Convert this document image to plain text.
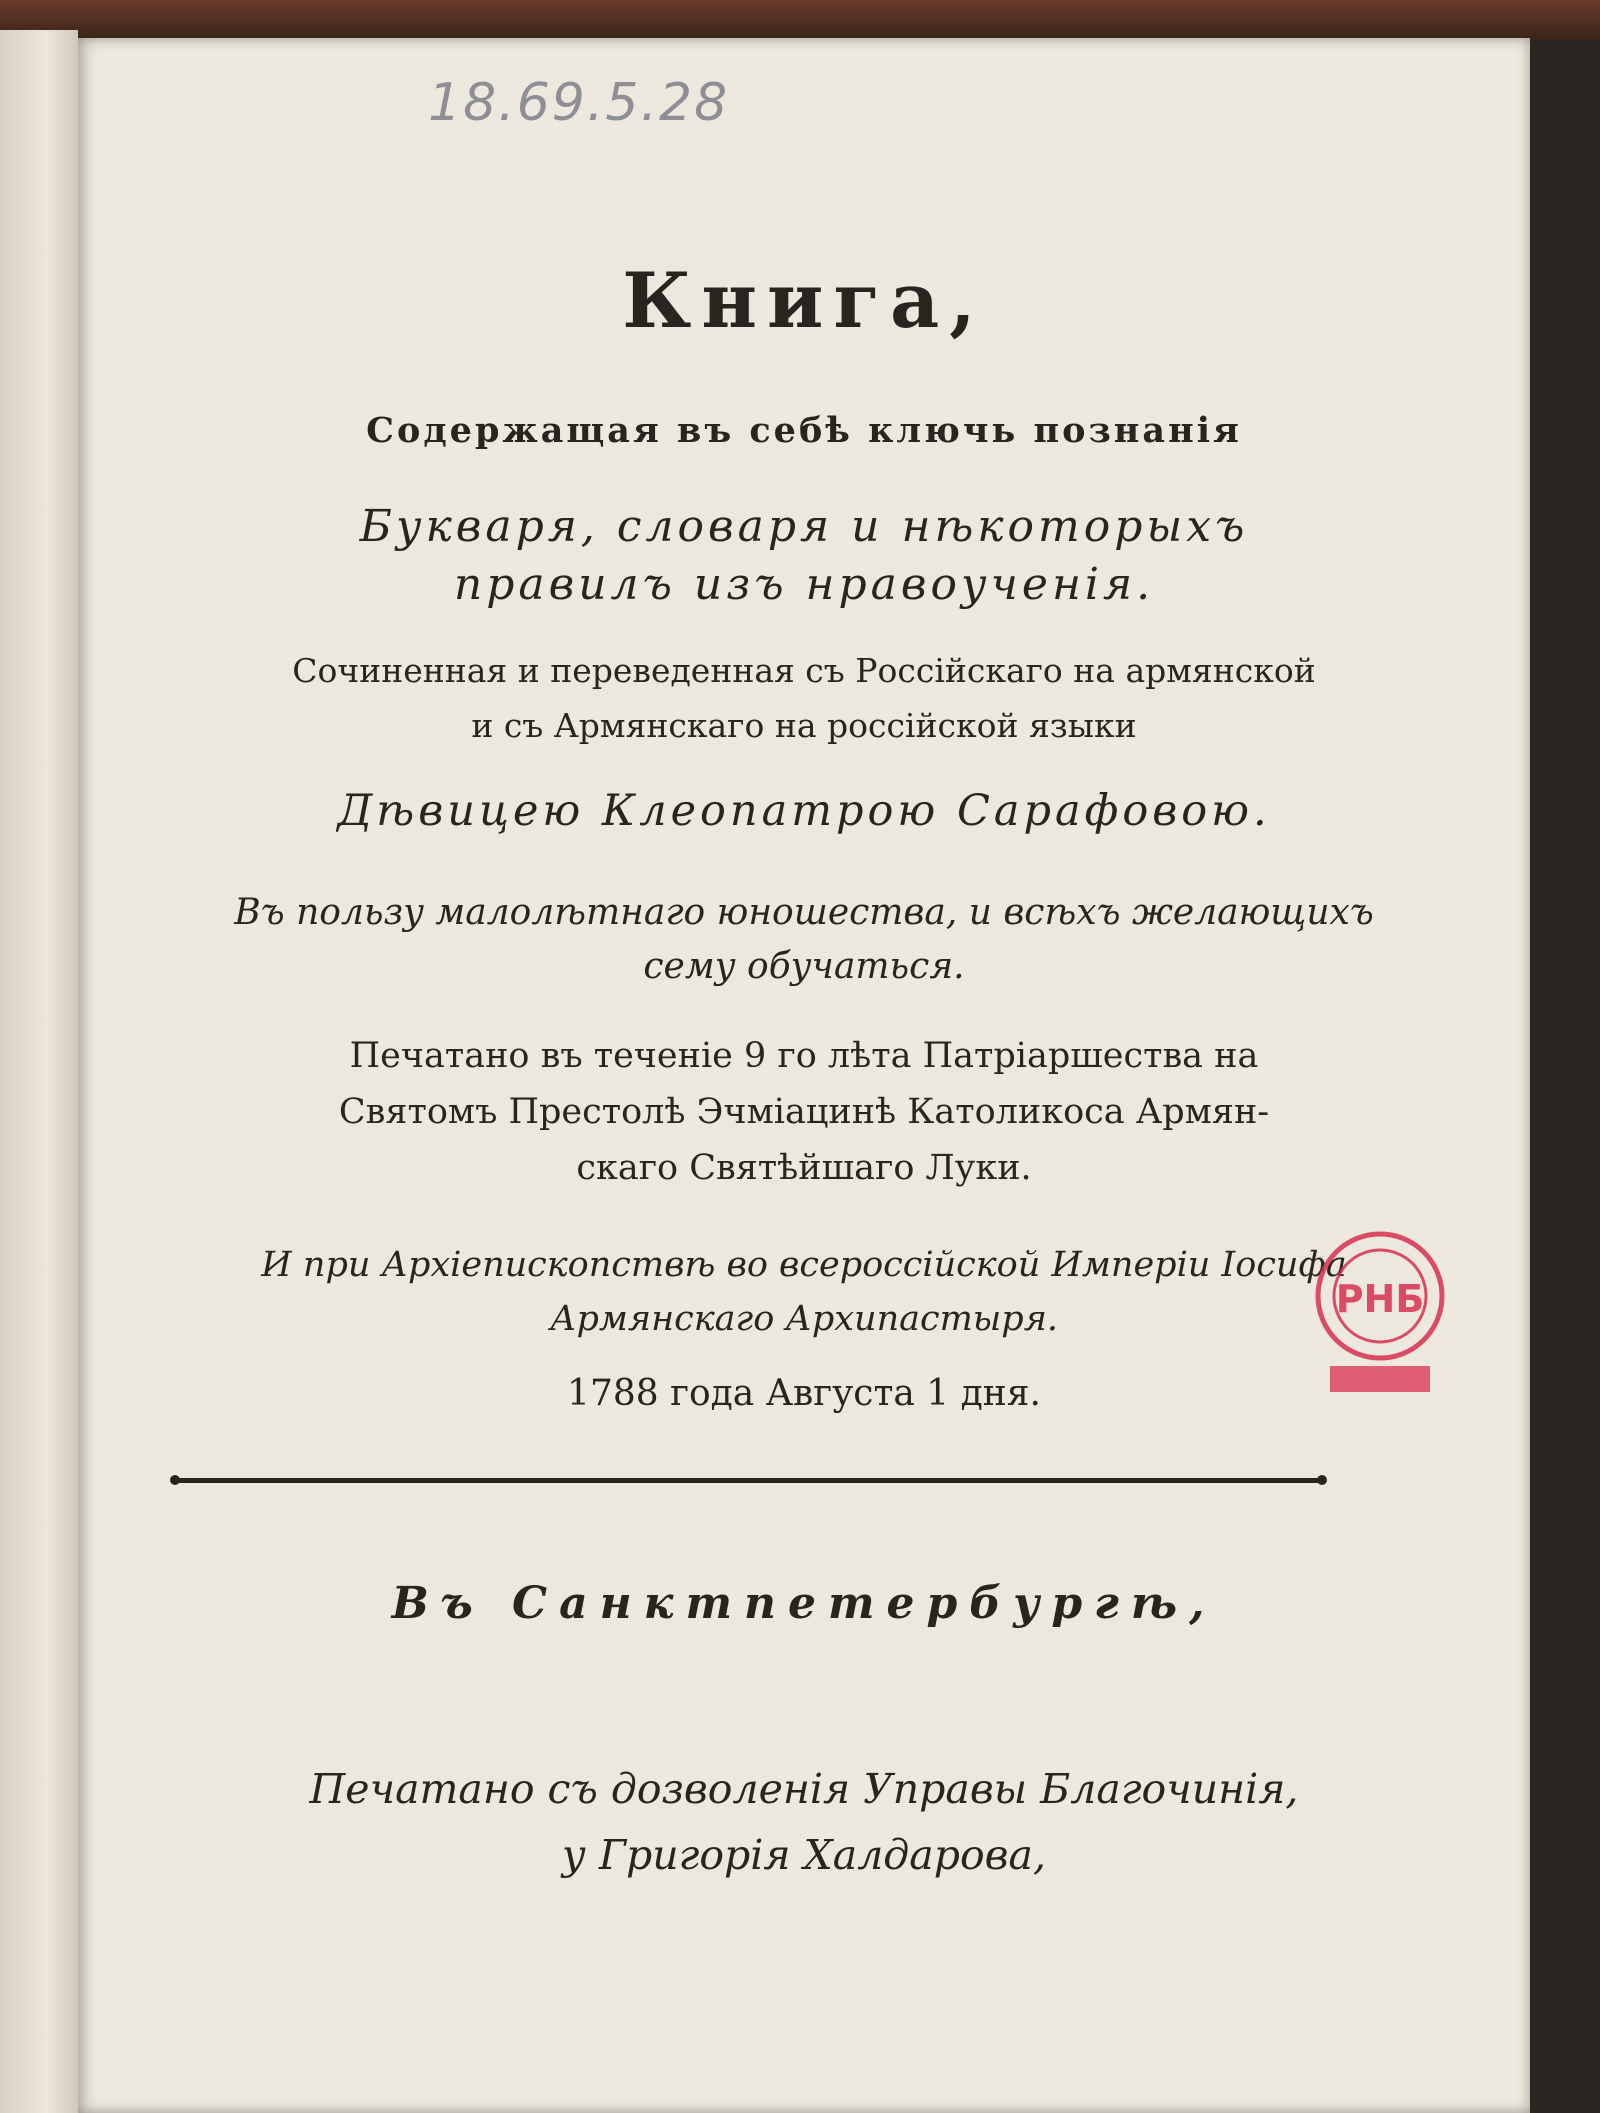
18.69.5.28
Книга,
Содержащая въ себѣ ключь познанія
Букваря, словаря и нѣкоторыхъ
правилъ изъ нравоученія.
Сочиненная и переведенная съ Россійскаго на армянской
и съ Армянскаго на россійской языки
Дѣвицею Клеопатрою Сарафовою.
Въ пользу малолѣтнаго юношества, и всѣхъ желающихъ
сему обучаться.
Печатано въ теченіе 9 го лѣта Патріаршества на
Святомъ Престолѣ Эчміацинѣ Католикоса Армян-
скаго Святѣйшаго Луки.
И при Архіепископствѣ во всероссійской Имперіи Іосифа
Армянскаго Архипастыря.
1788 года Августа 1 дня.
Въ Санктпетербургѣ,
Печатано съ дозволенія Управы Благочинія,
у Григорія Халдарова,
РНБ
